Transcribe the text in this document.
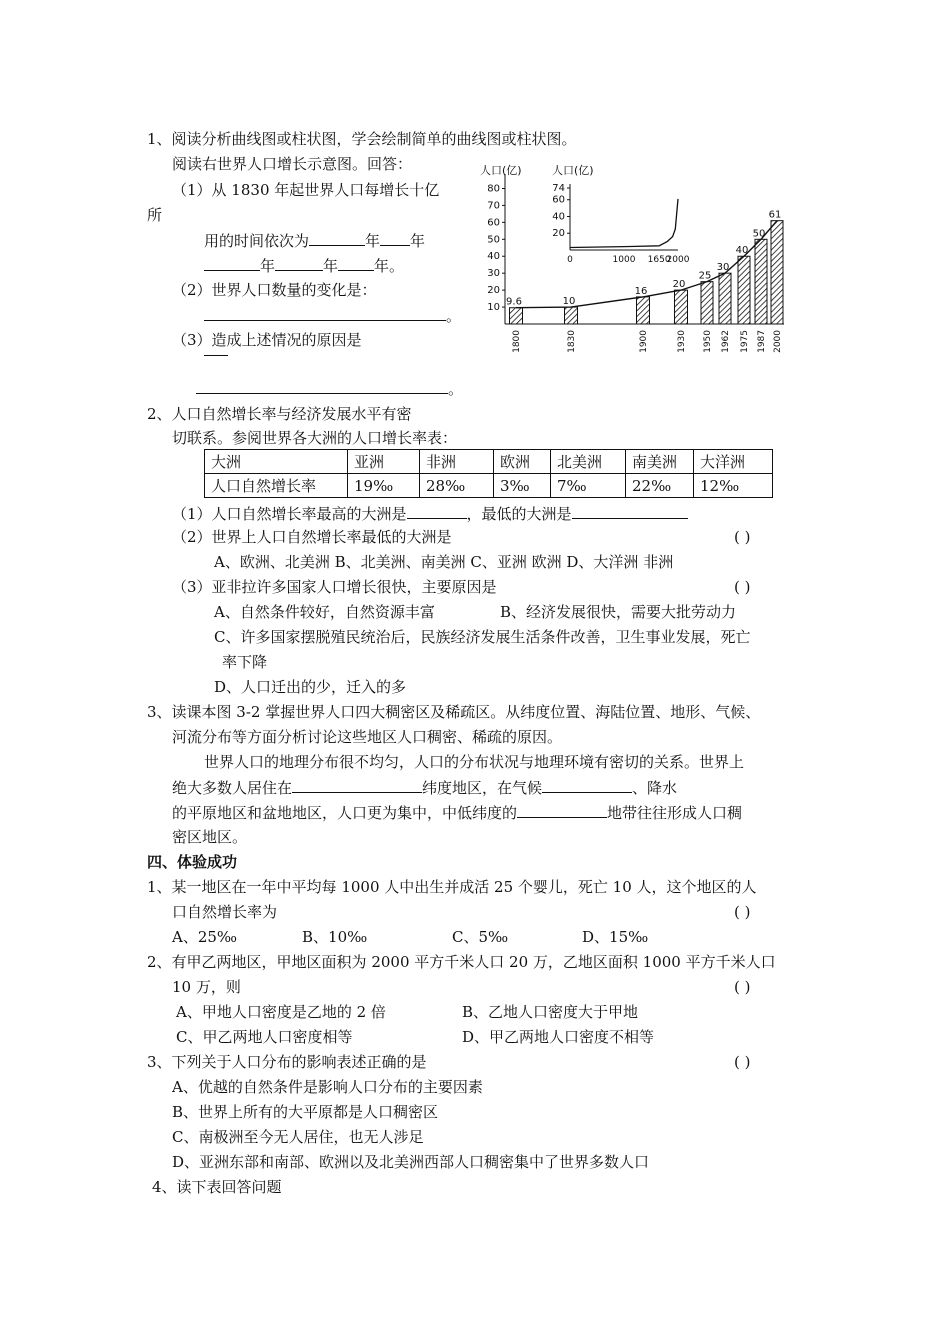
1、阅读分析曲线图或柱状图，学会绘制简单的曲线图或柱状图。
阅读右世界人口增长示意图。回答：
（1）从 1830 年起世界人口每增长十亿
所
用的时间依次为	年 年
年	年 年。
（2）世界人口数量的变化是：
。
（3）造成上述情况的原因是
。
人口(亿)
10
20
30
40
50
60
70
80
9.6
1800
10
1830
16
1900
20
1930
25
1950
30
1962
40
1975
50
1987
61
2000
人口(亿)
20
40
60
74
0	1000 1650
2000
2、人口自然增长率与经济发展水平有密
切联系。参阅世界各大洲的人口增长率表：
大洲	亚洲	非洲	欧洲	北美洲	南美洲	大洋洲
人口自然增长率	19‰	28‰	3‰	7‰	22‰	12‰
（1）人口自然增长率最高的大洲是	，最低的大洲是
（2）世界上人口自然增长率最低的大洲是	( )
A、欧洲、北美洲 B、北美洲、南美洲 C、亚洲 欧洲 D、大洋洲 非洲
（3）亚非拉许多国家人口增长很快，主要原因是	( )
A、自然条件较好，自然资源丰富	B、经济发展很快，需要大批劳动力
C、许多国家摆脱殖民统治后，民族经济发展生活条件改善，卫生事业发展，死亡
率下降
D、人口迁出的少，迁入的多
3、读课本图 3-2 掌握世界人口四大稠密区及稀疏区。从纬度位置、海陆位置、地形、气候、
河流分布等方面分析讨论这些地区人口稠密、稀疏的原因。
世界人口的地理分布很不均匀，人口的分布状况与地理环境有密切的关系。世界上
绝大多数人居住在	纬度地区，在气候	、降水
的平原地区和盆地地区，人口更为集中，中低纬度的	地带往往形成人口稠
密区地区。
四、体验成功
1、某一地区在一年中平均每 1000 人中出生并成活 25 个婴儿，死亡 10 人，这个地区的人
口自然增长率为	( )
A、25‰	B、10‰	C、5‰	D、15‰
2、有甲乙两地区，甲地区面积为 2000 平方千米人口 20 万，乙地区面积 1000 平方千米人口
10 万，则	( )
A、甲地人口密度是乙地的 2 倍	B、乙地人口密度大于甲地
C、甲乙两地人口密度相等	D、甲乙两地人口密度不相等
3、下列关于人口分布的影响表述正确的是	( )
A、优越的自然条件是影响人口分布的主要因素
B、世界上所有的大平原都是人口稠密区
C、南极洲至今无人居住，也无人涉足
D、亚洲东部和南部、欧洲以及北美洲西部人口稠密集中了世界多数人口
4、读下表回答问题
